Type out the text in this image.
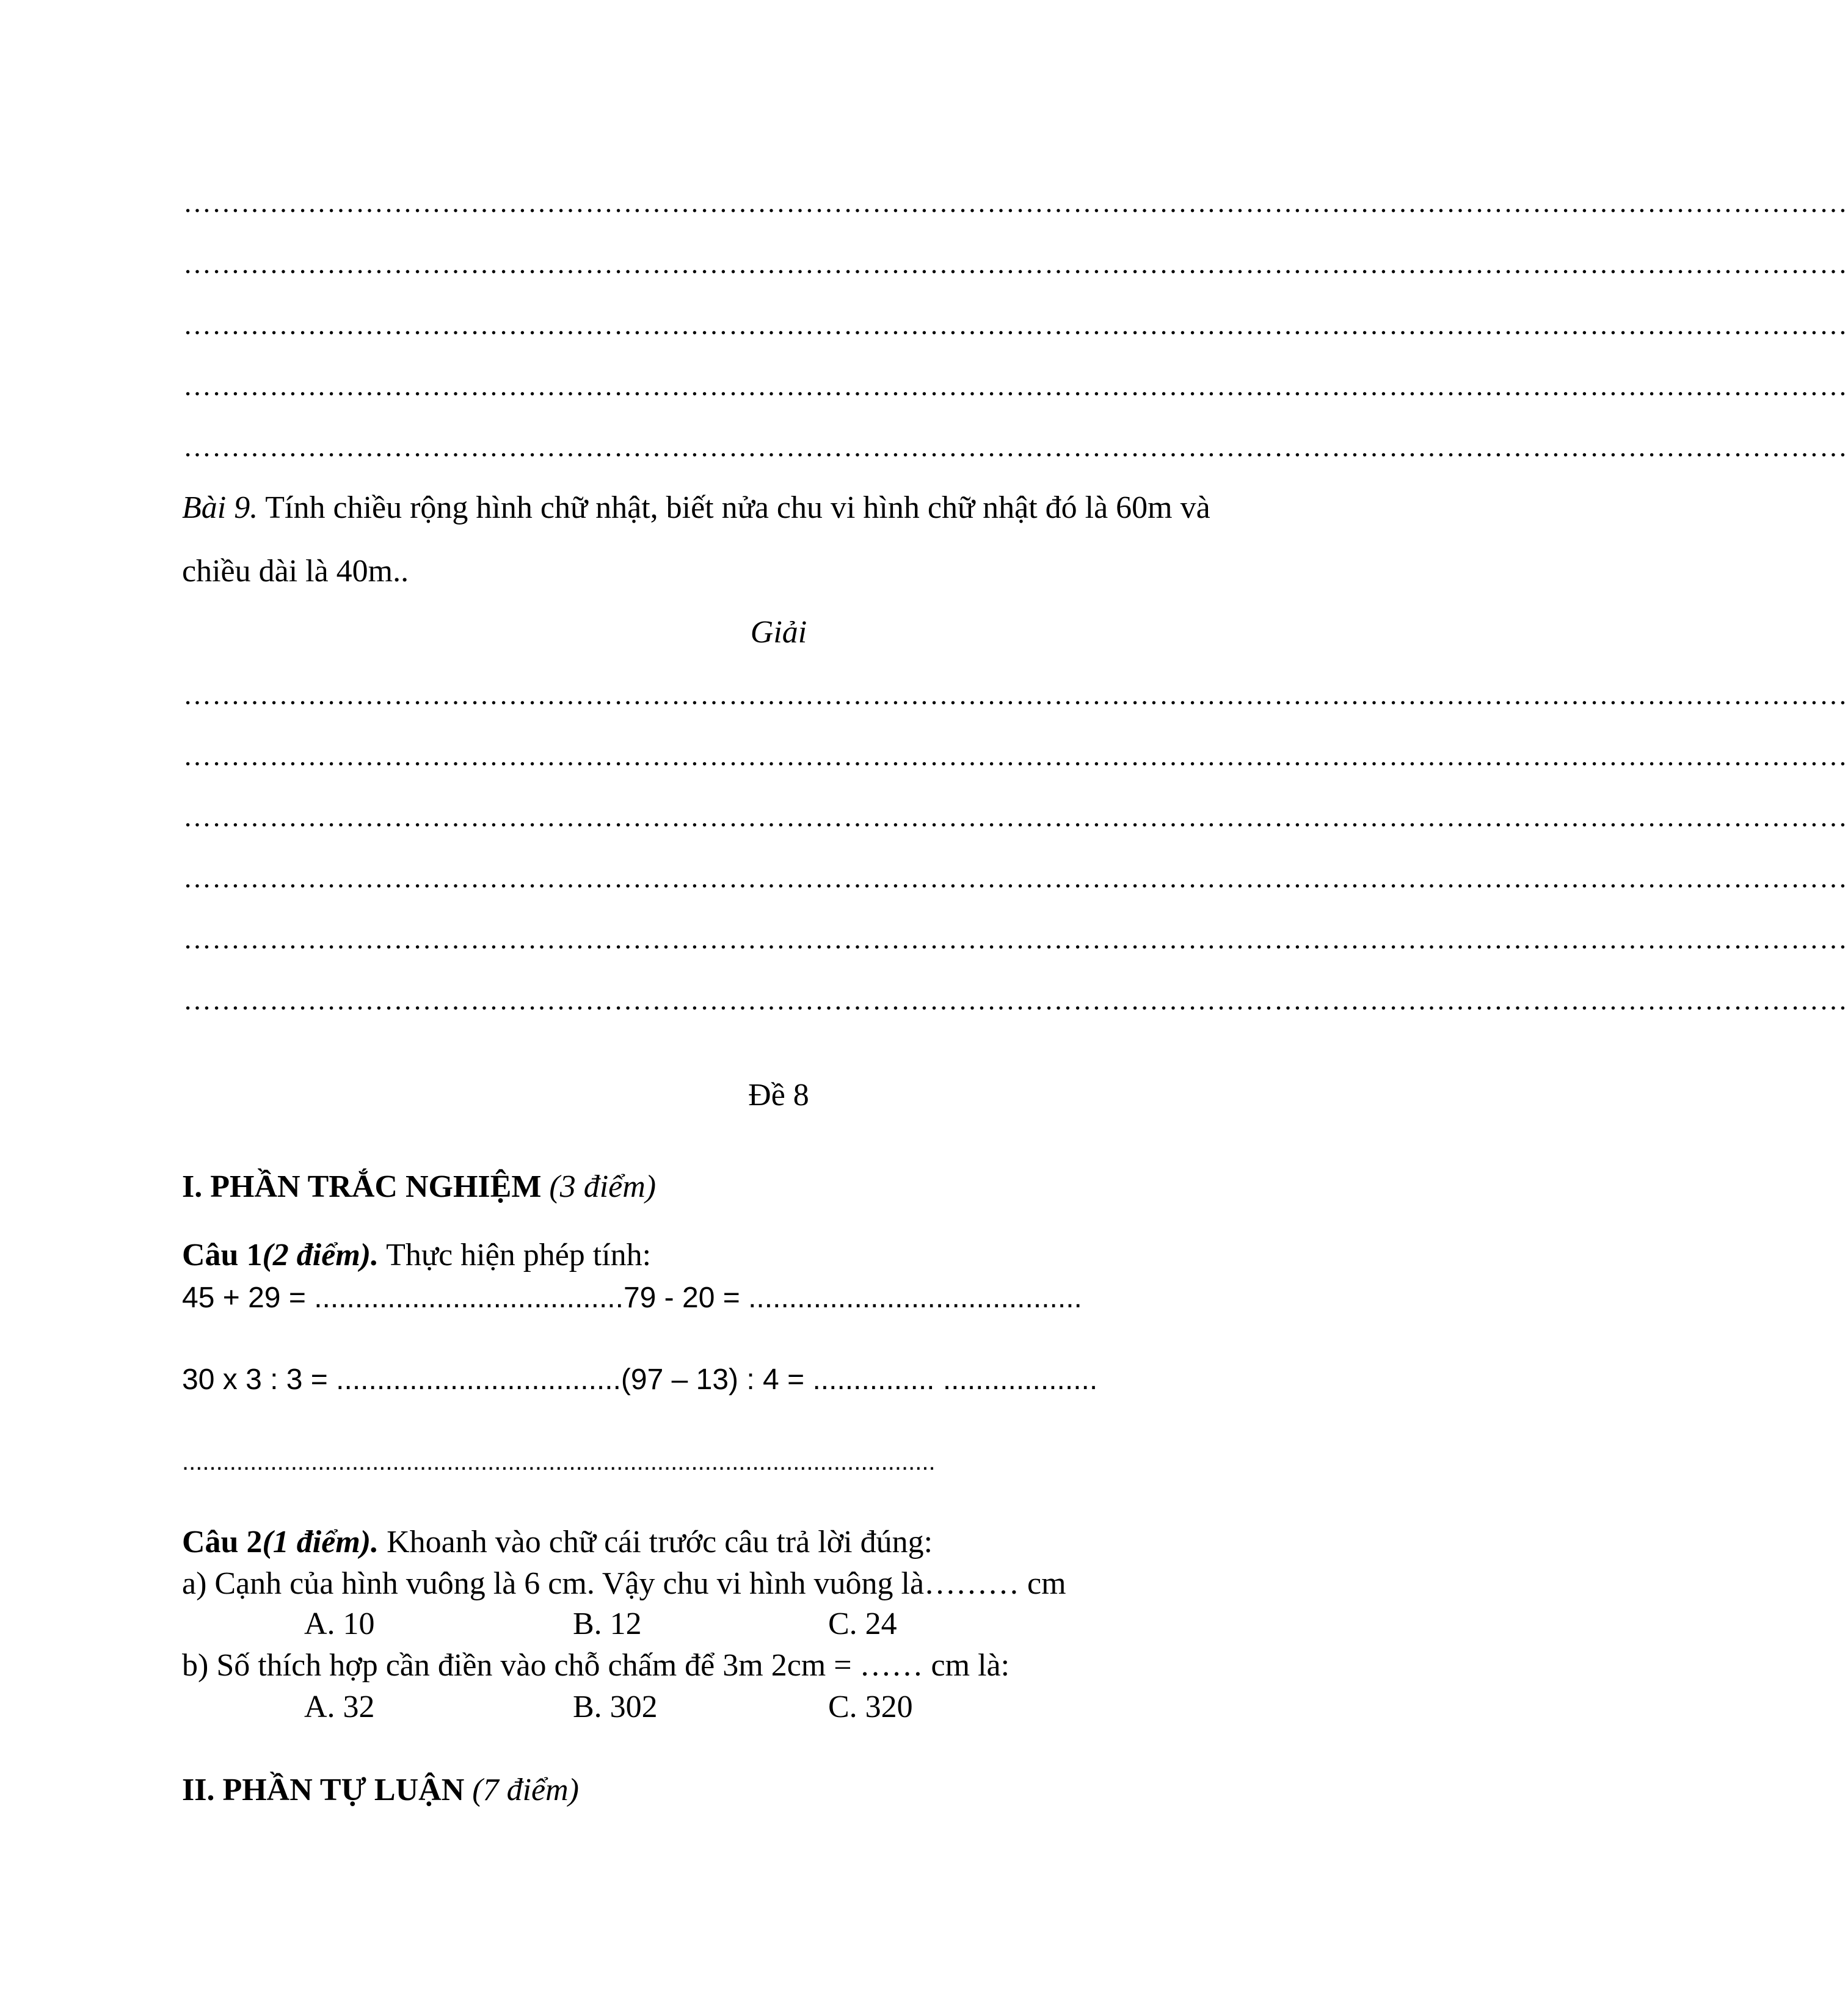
…………………………………………………………………………………………………………………………………………………………
…………………………………………………………………………………………………………………………………………………………
…………………………………………………………………………………………………………………………………………………………
…………………………………………………………………………………………………………………………………………………………
…………………………………………………………………………………………………………………………………………………………
Bài 9. Tính chiều rộng hình chữ nhật, biết nửa chu vi hình chữ nhật đó là 60m và
chiều dài là 40m..
Giải
…………………………………………………………………………………………………………………………………………………………
…………………………………………………………………………………………………………………………………………………………
…………………………………………………………………………………………………………………………………………………………
…………………………………………………………………………………………………………………………………………………………
…………………………………………………………………………………………………………………………………………………………
…………………………………………………………………………………………………………………………………………………………
Đề 8
I. PHẦN TRẮC NGHIỆM (3 điểm)
Câu 1(2 điểm). Thực hiện phép tính:
45 + 29 = ......................................79 - 20 = .........................................
30 x 3 : 3 = ...................................(97 – 13) : 4 = ............... ...................
...............................................................................................................
Câu 2(1 điểm). Khoanh vào chữ cái trước câu trả lời đúng:
a) Cạnh của hình vuông là 6 cm. Vậy chu vi hình vuông là……… cm
A. 10	B. 12	C. 24
b) Số thích hợp cần điền vào chỗ chấm để 3m 2cm = …… cm là:
A. 32	B. 302	C. 320
II. PHẦN TỰ LUẬN (7 điểm)
